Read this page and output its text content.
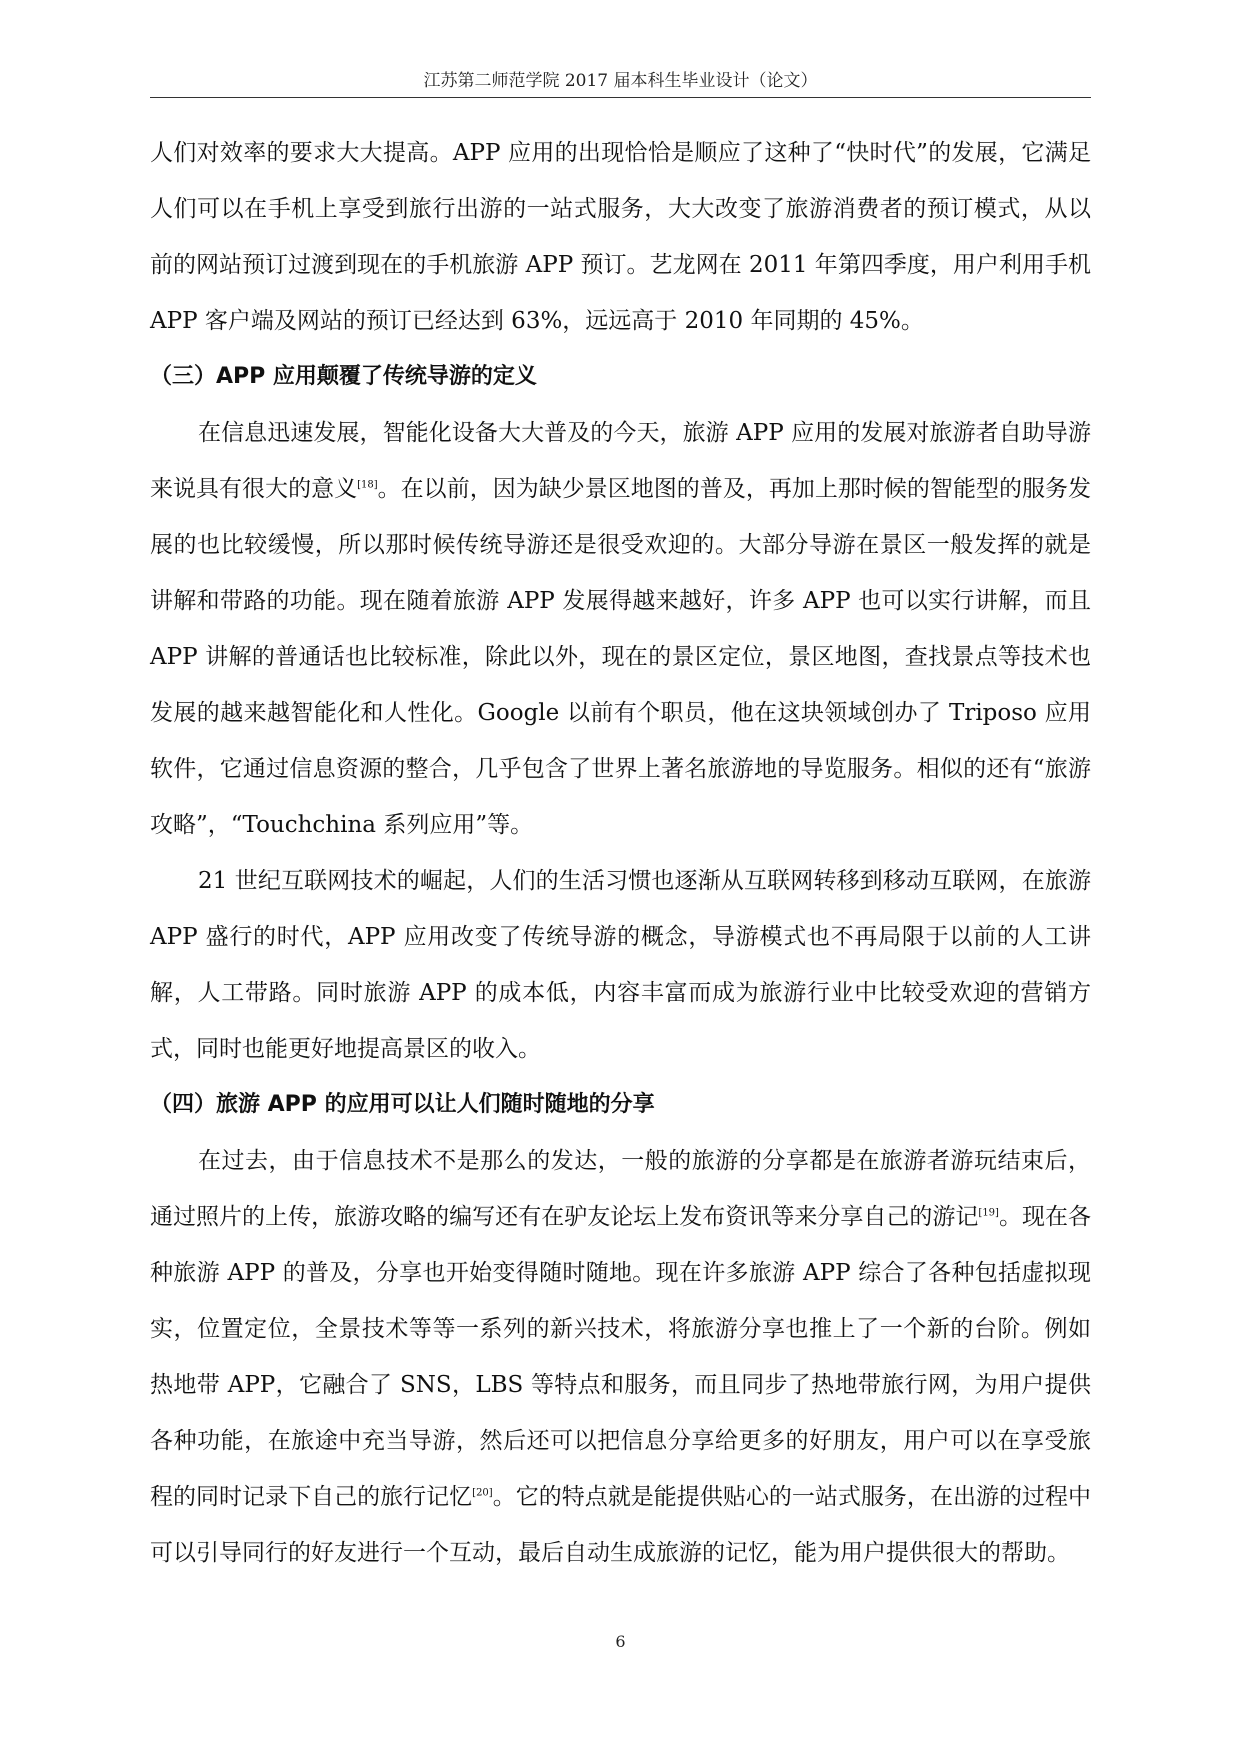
江苏第二师范学院 2017 届本科生毕业设计（论文）

人们对效率的要求大大提高。APP 应用的出现恰恰是顺应了这种了“快时代”的发展，它满足人们可以在手机上享受到旅行出游的一站式服务，大大改变了旅游消费者的预订模式，从以前的网站预订过渡到现在的手机旅游 APP 预订。艺龙网在 2011 年第四季度，用户利用手机 APP 客户端及网站的预订已经达到 63%，远远高于 2010 年同期的 45%。

（三）APP 应用颠覆了传统导游的定义

在信息迅速发展，智能化设备大大普及的今天，旅游 APP 应用的发展对旅游者自助导游来说具有很大的意义[18]。在以前，因为缺少景区地图的普及，再加上那时候的智能型的服务发展的也比较缓慢，所以那时候传统导游还是很受欢迎的。大部分导游在景区一般发挥的就是讲解和带路的功能。现在随着旅游 APP 发展得越来越好，许多 APP 也可以实行讲解，而且 APP 讲解的普通话也比较标准，除此以外，现在的景区定位，景区地图，查找景点等技术也发展的越来越智能化和人性化。Google 以前有个职员，他在这块领域创办了 Triposo 应用软件，它通过信息资源的整合，几乎包含了世界上著名旅游地的导览服务。相似的还有“旅游攻略”，“Touchchina 系列应用”等。

21 世纪互联网技术的崛起，人们的生活习惯也逐渐从互联网转移到移动互联网，在旅游 APP 盛行的时代，APP 应用改变了传统导游的概念，导游模式也不再局限于以前的人工讲解，人工带路。同时旅游 APP 的成本低，内容丰富而成为旅游行业中比较受欢迎的营销方式，同时也能更好地提高景区的收入。

（四）旅游 APP 的应用可以让人们随时随地的分享

在过去，由于信息技术不是那么的发达，一般的旅游的分享都是在旅游者游玩结束后，通过照片的上传，旅游攻略的编写还有在驴友论坛上发布资讯等来分享自己的游记[19]。现在各种旅游 APP 的普及，分享也开始变得随时随地。现在许多旅游 APP 综合了各种包括虚拟现实，位置定位，全景技术等等一系列的新兴技术，将旅游分享也推上了一个新的台阶。例如热地带 APP，它融合了 SNS，LBS 等特点和服务，而且同步了热地带旅行网，为用户提供各种功能，在旅途中充当导游，然后还可以把信息分享给更多的好朋友，用户可以在享受旅程的同时记录下自己的旅行记忆[20]。它的特点就是能提供贴心的一站式服务，在出游的过程中可以引导同行的好友进行一个互动，最后自动生成旅游的记忆，能为用户提供很大的帮助。

6
